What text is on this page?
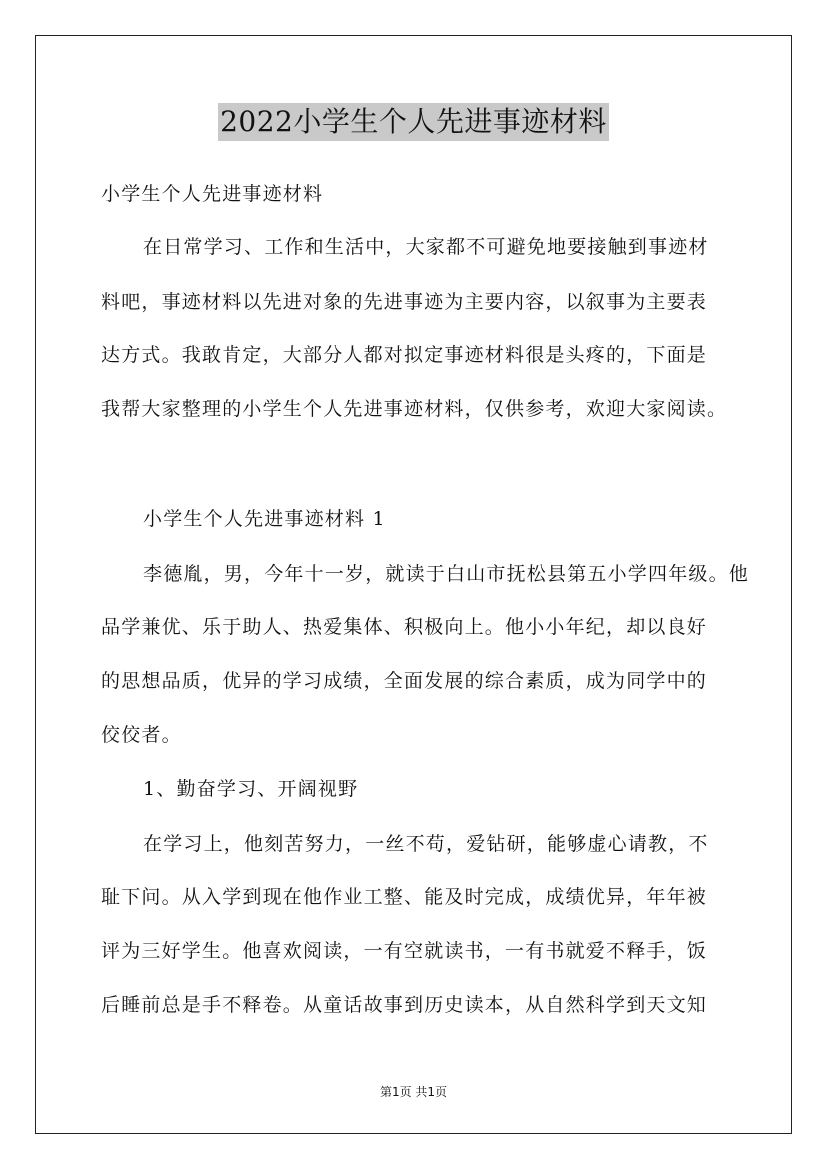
2022小学生个人先进事迹材料
小学生个人先进事迹材料
在日常学习、工作和生活中，大家都不可避免地要接触到事迹材
料吧，事迹材料以先进对象的先进事迹为主要内容，以叙事为主要表
达方式。我敢肯定，大部分人都对拟定事迹材料很是头疼的，下面是
我帮大家整理的小学生个人先进事迹材料，仅供参考，欢迎大家阅读。
小学生个人先进事迹材料 1
李德胤，男，今年十一岁，就读于白山市抚松县第五小学四年级。他
品学兼优、乐于助人、热爱集体、积极向上。他小小年纪，却以良好
的思想品质，优异的学习成绩，全面发展的综合素质，成为同学中的
佼佼者。
1、勤奋学习、开阔视野
在学习上，他刻苦努力，一丝不苟，爱钻研，能够虚心请教，不
耻下问。从入学到现在他作业工整、能及时完成，成绩优异，年年被
评为三好学生。他喜欢阅读，一有空就读书，一有书就爱不释手，饭
后睡前总是手不释卷。从童话故事到历史读本，从自然科学到天文知
第1页 共1页
